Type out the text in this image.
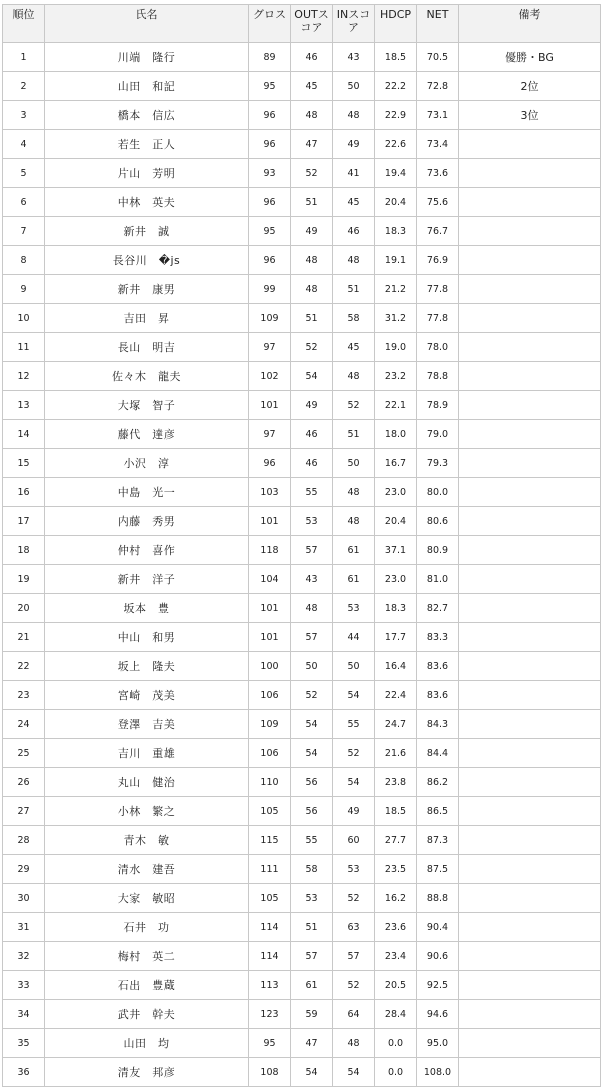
順位	氏名	グロス	OUTスコア	INスコア	HDCP	NET	備考
1	川端　隆行	89	46	43	18.5	70.5	優勝・BG
2	山田　和記	95	45	50	22.2	72.8	2位
3	橋本　信広	96	48	48	22.9	73.1	3位
4	若生　正人	96	47	49	22.6	73.4	
5	片山　芳明	93	52	41	19.4	73.6	
6	中林　英夫	96	51	45	20.4	75.6	
7	新井　誠	95	49	46	18.3	76.7	
8	長谷川　�js	96	48	48	19.1	76.9	
9	新井　康男	99	48	51	21.2	77.8	
10	吉田　昇	109	51	58	31.2	77.8	
11	長山　明吉	97	52	45	19.0	78.0	
12	佐々木　龍夫	102	54	48	23.2	78.8	
13	大塚　智子	101	49	52	22.1	78.9	
14	藤代　達彦	97	46	51	18.0	79.0	
15	小沢　淳	96	46	50	16.7	79.3	
16	中島　光一	103	55	48	23.0	80.0	
17	内藤　秀男	101	53	48	20.4	80.6	
18	仲村　喜作	118	57	61	37.1	80.9	
19	新井　洋子	104	43	61	23.0	81.0	
20	坂本　豊	101	48	53	18.3	82.7	
21	中山　和男	101	57	44	17.7	83.3	
22	坂上　隆夫	100	50	50	16.4	83.6	
23	宮崎　茂美	106	52	54	22.4	83.6	
24	登澤　吉美	109	54	55	24.7	84.3	
25	吉川　重雄	106	54	52	21.6	84.4	
26	丸山　健治	110	56	54	23.8	86.2	
27	小林　繁之	105	56	49	18.5	86.5	
28	青木　敏	115	55	60	27.7	87.3	
29	清水　建吾	111	58	53	23.5	87.5	
30	大家　敏昭	105	53	52	16.2	88.8	
31	石井　功	114	51	63	23.6	90.4	
32	梅村　英二	114	57	57	23.4	90.6	
33	石出　豊蔵	113	61	52	20.5	92.5	
34	武井　幹夫	123	59	64	28.4	94.6	
35	山田　均	95	47	48	0.0	95.0	
36	清友　邦彦	108	54	54	0.0	108.0	
